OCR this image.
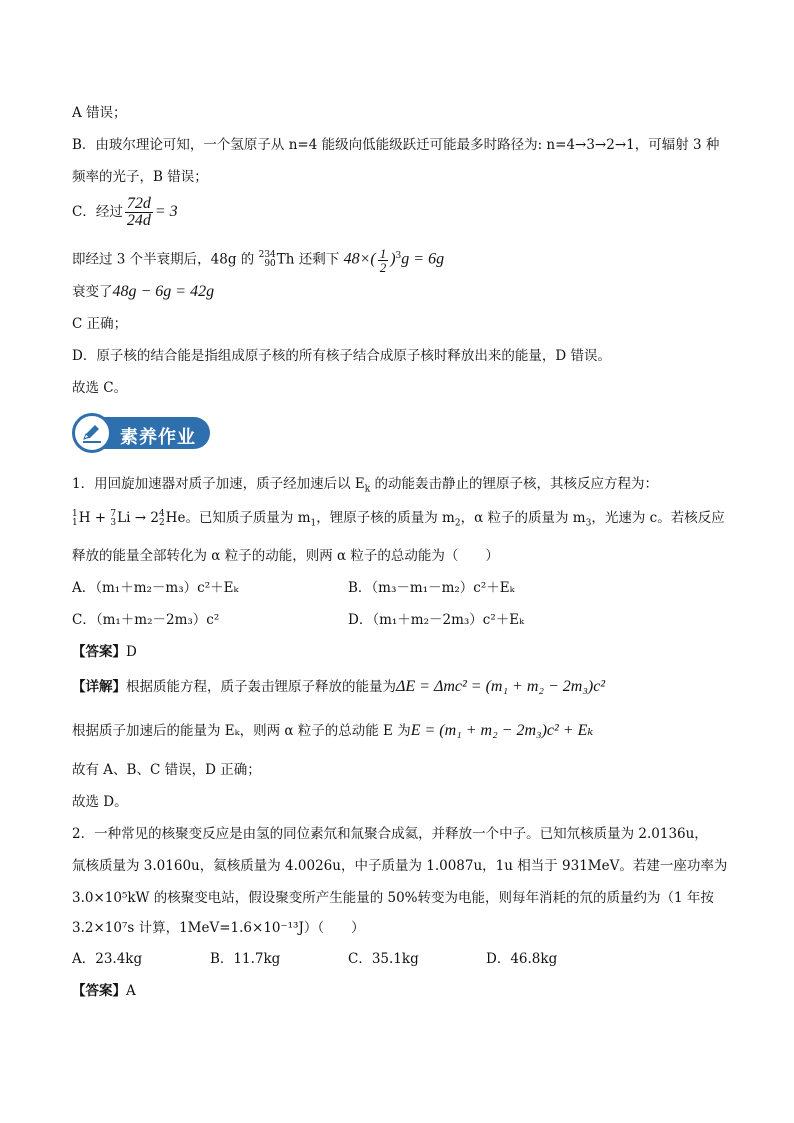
A 错误；
B．由玻尔理论可知，一个氢原子从 n=4 能级向低能级跃迁可能最多时路径为: n=4→3→2→1，可辐射 3 种
频率的光子，B 错误；
C．经过 $\frac{72d}{24d} = 3$
即经过 3 个半衰期后，48g 的 234
90 Th 还剩下 $48\times( \frac{1}{2} )^3g = 6g$
衰变了48g − 6g = 42g
C 正确；
D．原子核的结合能是指组成原子核的所有核子结合成原子核时释放出来的能量，D 错误。
故选 C。
素养作业
1．用回旋加速器对质子加速，质子经加速后以 $E_k$ 的动能轰击静止的锂原子核，其核反应方程为：
1
1 H + 7
3 Li → 2 4
2 He。已知质子质量为 $m_1$，锂原子核的质量为 $m_2$，α 粒子的质量为 $m_3$，光速为 c。若核反应
释放的能量全部转化为 α 粒子的动能，则两 α 粒子的总动能为（　　）
A．（m₁＋m₂－m₃）c²＋Eₖ	B．（m₃－m₁－m₂）c²＋Eₖ
C．（m₁＋m₂－2m₃）c²	D．（m₁＋m₂－2m₃）c²＋Eₖ
【答案】D
【详解】根据质能方程，质子轰击锂原子释放的能量为ΔE = Δmc² = (m₁ + m₂ − 2m₃)c²
根据质子加速后的能量为 Eₖ，则两 α 粒子的总动能 E 为E = (m₁ + m₂ − 2m₃)c² + Eₖ
故有 A、B、C 错误，D 正确；
故选 D。
2．一种常见的核聚变反应是由氢的同位素氘和氚聚合成氦，并释放一个中子。已知氘核质量为 2.0136u，
氚核质量为 3.0160u，氦核质量为 4.0026u，中子质量为 1.0087u，1u 相当于 931MeV。若建一座功率为
3.0×10⁵kW 的核聚变电站，假设聚变所产生能量的 50%转变为电能，则每年消耗的氘的质量约为（1 年按
3.2×10⁷s 计算，1MeV=1.6×10⁻¹³J）（　　）
A．23.4kg	B．11.7kg	C．35.1kg	D．46.8kg
【答案】A
